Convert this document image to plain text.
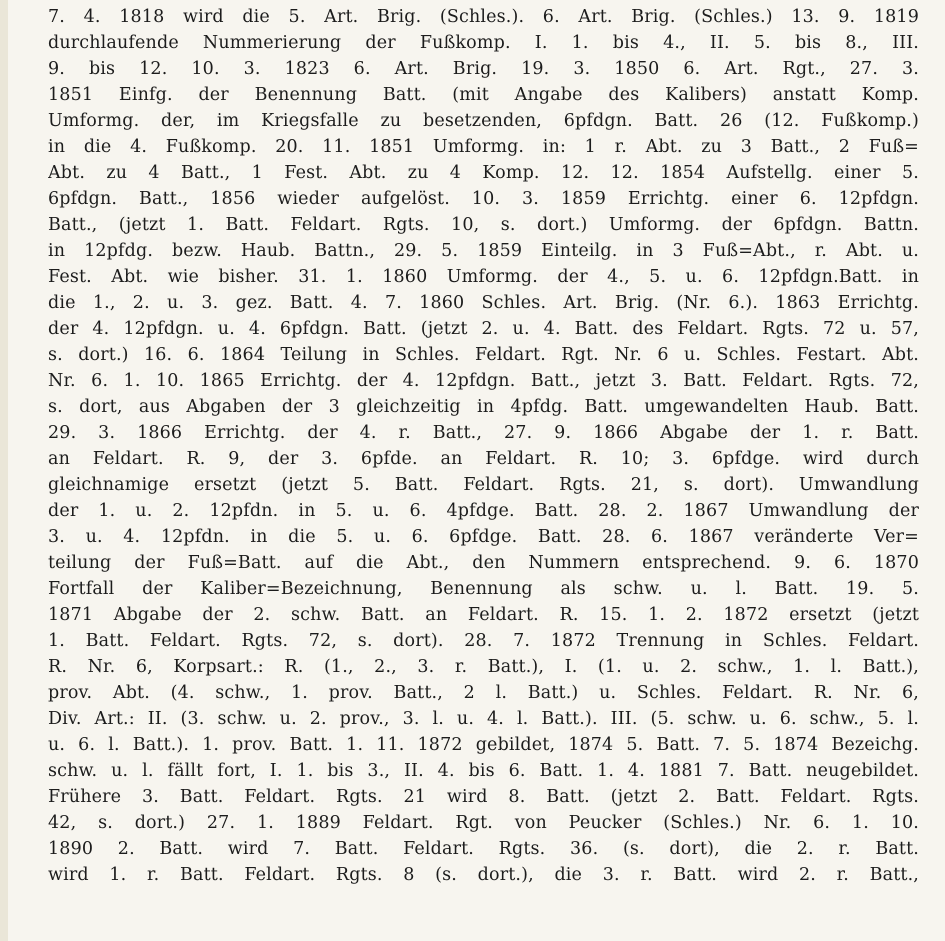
7. 4. 1818 wird die 5. Art. Brig. (Schles.). 6. Art. Brig. (Schles.) 13. 9. 1819
durchlaufende Nummerierung der Fußkomp. I. 1. bis 4., II. 5. bis 8., III.
9. bis 12. 10. 3. 1823 6. Art. Brig. 19. 3. 1850 6. Art. Rgt., 27. 3.
1851 Einfg. der Benennung Batt. (mit Angabe des Kalibers) anstatt Komp.
Umformg. der, im Kriegsfalle zu besetzenden, 6pfdgn. Batt. 26 (12. Fußkomp.)
in die 4. Fußkomp. 20. 11. 1851 Umformg. in: 1 r. Abt. zu 3 Batt., 2 Fuß=
Abt. zu 4 Batt., 1 Fest. Abt. zu 4 Komp. 12. 12. 1854 Aufstellg. einer 5.
6pfdgn. Batt., 1856 wieder aufgelöst. 10. 3. 1859 Errichtg. einer 6. 12pfdgn.
Batt., (jetzt 1. Batt. Feldart. Rgts. 10, s. dort.) Umformg. der 6pfdgn. Battn.
in 12pfdg. bezw. Haub. Battn., 29. 5. 1859 Einteilg. in 3 Fuß=Abt., r. Abt. u.
Fest. Abt. wie bisher. 31. 1. 1860 Umformg. der 4., 5. u. 6. 12pfdgn.Batt. in
die 1., 2. u. 3. gez. Batt. 4. 7. 1860 Schles. Art. Brig. (Nr. 6.). 1863 Errichtg.
der 4. 12pfdgn. u. 4. 6pfdgn. Batt. (jetzt 2. u. 4. Batt. des Feldart. Rgts. 72 u. 57,
s. dort.) 16. 6. 1864 Teilung in Schles. Feldart. Rgt. Nr. 6 u. Schles. Festart. Abt.
Nr. 6. 1. 10. 1865 Errichtg. der 4. 12pfdgn. Batt., jetzt 3. Batt. Feldart. Rgts. 72,
s. dort, aus Abgaben der 3 gleichzeitig in 4pfdg. Batt. umgewandelten Haub. Batt.
29. 3. 1866 Errichtg. der 4. r. Batt., 27. 9. 1866 Abgabe der 1. r. Batt.
an Feldart. R. 9, der 3. 6pfde. an Feldart. R. 10; 3. 6pfdge. wird durch
gleichnamige ersetzt (jetzt 5. Batt. Feldart. Rgts. 21, s. dort). Umwandlung
der 1. u. 2. 12pfdn. in 5. u. 6. 4pfdge. Batt. 28. 2. 1867 Umwandlung der
3. u. 4. 12pfdn. in die 5. u. 6. 6pfdge. Batt. 28. 6. 1867 veränderte Ver=
teilung der Fuß=Batt. auf die Abt., den Nummern entsprechend. 9. 6. 1870
Fortfall der Kaliber=Bezeichnung, Benennung als schw. u. l. Batt. 19. 5.
1871 Abgabe der 2. schw. Batt. an Feldart. R. 15. 1. 2. 1872 ersetzt (jetzt
1. Batt. Feldart. Rgts. 72, s. dort). 28. 7. 1872 Trennung in Schles. Feldart.
R. Nr. 6, Korpsart.: R. (1., 2., 3. r. Batt.), I. (1. u. 2. schw., 1. l. Batt.),
prov. Abt. (4. schw., 1. prov. Batt., 2 l. Batt.) u. Schles. Feldart. R. Nr. 6,
Div. Art.: II. (3. schw. u. 2. prov., 3. l. u. 4. l. Batt.). III. (5. schw. u. 6. schw., 5. l.
u. 6. l. Batt.). 1. prov. Batt. 1. 11. 1872 gebildet, 1874 5. Batt. 7. 5. 1874 Bezeichg.
schw. u. l. fällt fort, I. 1. bis 3., II. 4. bis 6. Batt. 1. 4. 1881 7. Batt. neugebildet.
Frühere 3. Batt. Feldart. Rgts. 21 wird 8. Batt. (jetzt 2. Batt. Feldart. Rgts.
42, s. dort.) 27. 1. 1889 Feldart. Rgt. von Peucker (Schles.) Nr. 6. 1. 10.
1890 2. Batt. wird 7. Batt. Feldart. Rgts. 36. (s. dort), die 2. r. Batt.
wird 1. r. Batt. Feldart. Rgts. 8 (s. dort.), die 3. r. Batt. wird 2. r. Batt.,
